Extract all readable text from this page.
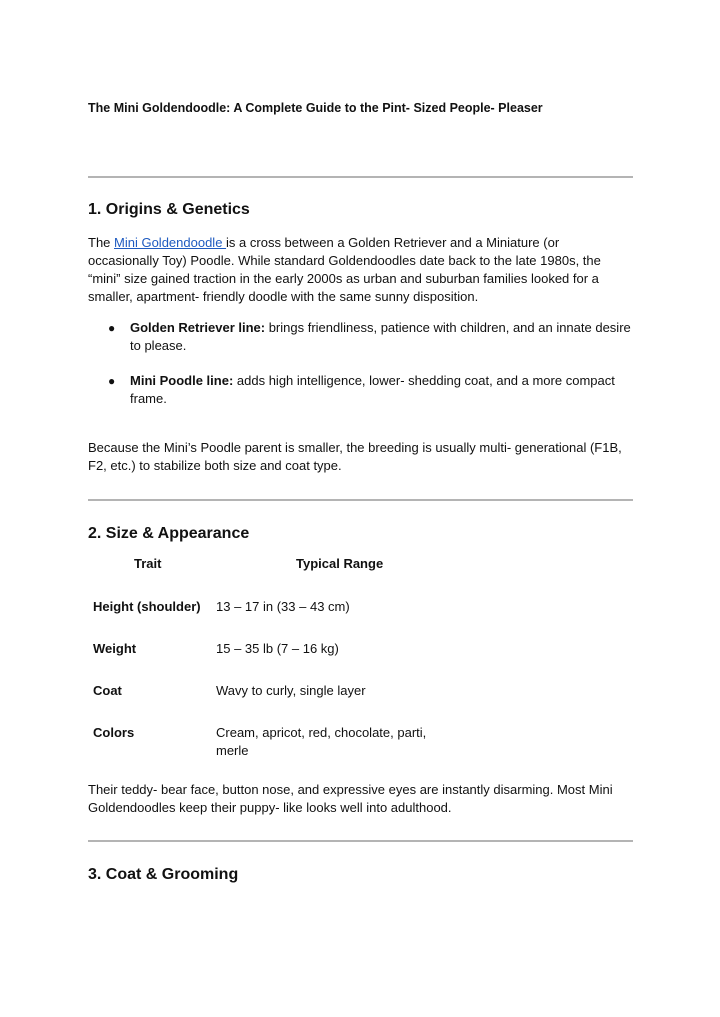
The Mini Goldendoodle: A Complete Guide to the Pint- Sized People- Pleaser
1. Origins & Genetics

The Mini Goldendoodle is a cross between a Golden Retriever and a Miniature (or occasionally Toy) Poodle. While standard Goldendoodles date back to the late 1980s, the “mini” size gained traction in the early 2000s as urban and suburban families looked for a smaller, apartment- friendly doodle with the same sunny disposition.

● Golden Retriever line: brings friendliness, patience with children, and an innate desire to please.
● Mini Poodle line: adds high intelligence, lower- shedding coat, and a more compact frame.

Because the Mini’s Poodle parent is smaller, the breeding is usually multi- generational (F1B, F2, etc.) to stabilize both size and coat type.

2. Size & Appearance
Trait	Typical Range
Height (shoulder) 13 – 17 in (33 – 43 cm)
Weight	15 – 35 lb (7 – 16 kg)
Coat	Wavy to curly, single layer
Colors	Cream, apricot, red, chocolate, parti, merle

Their teddy- bear face, button nose, and expressive eyes are instantly disarming. Most Mini Goldendoodles keep their puppy- like looks well into adulthood.

3. Coat & Grooming
